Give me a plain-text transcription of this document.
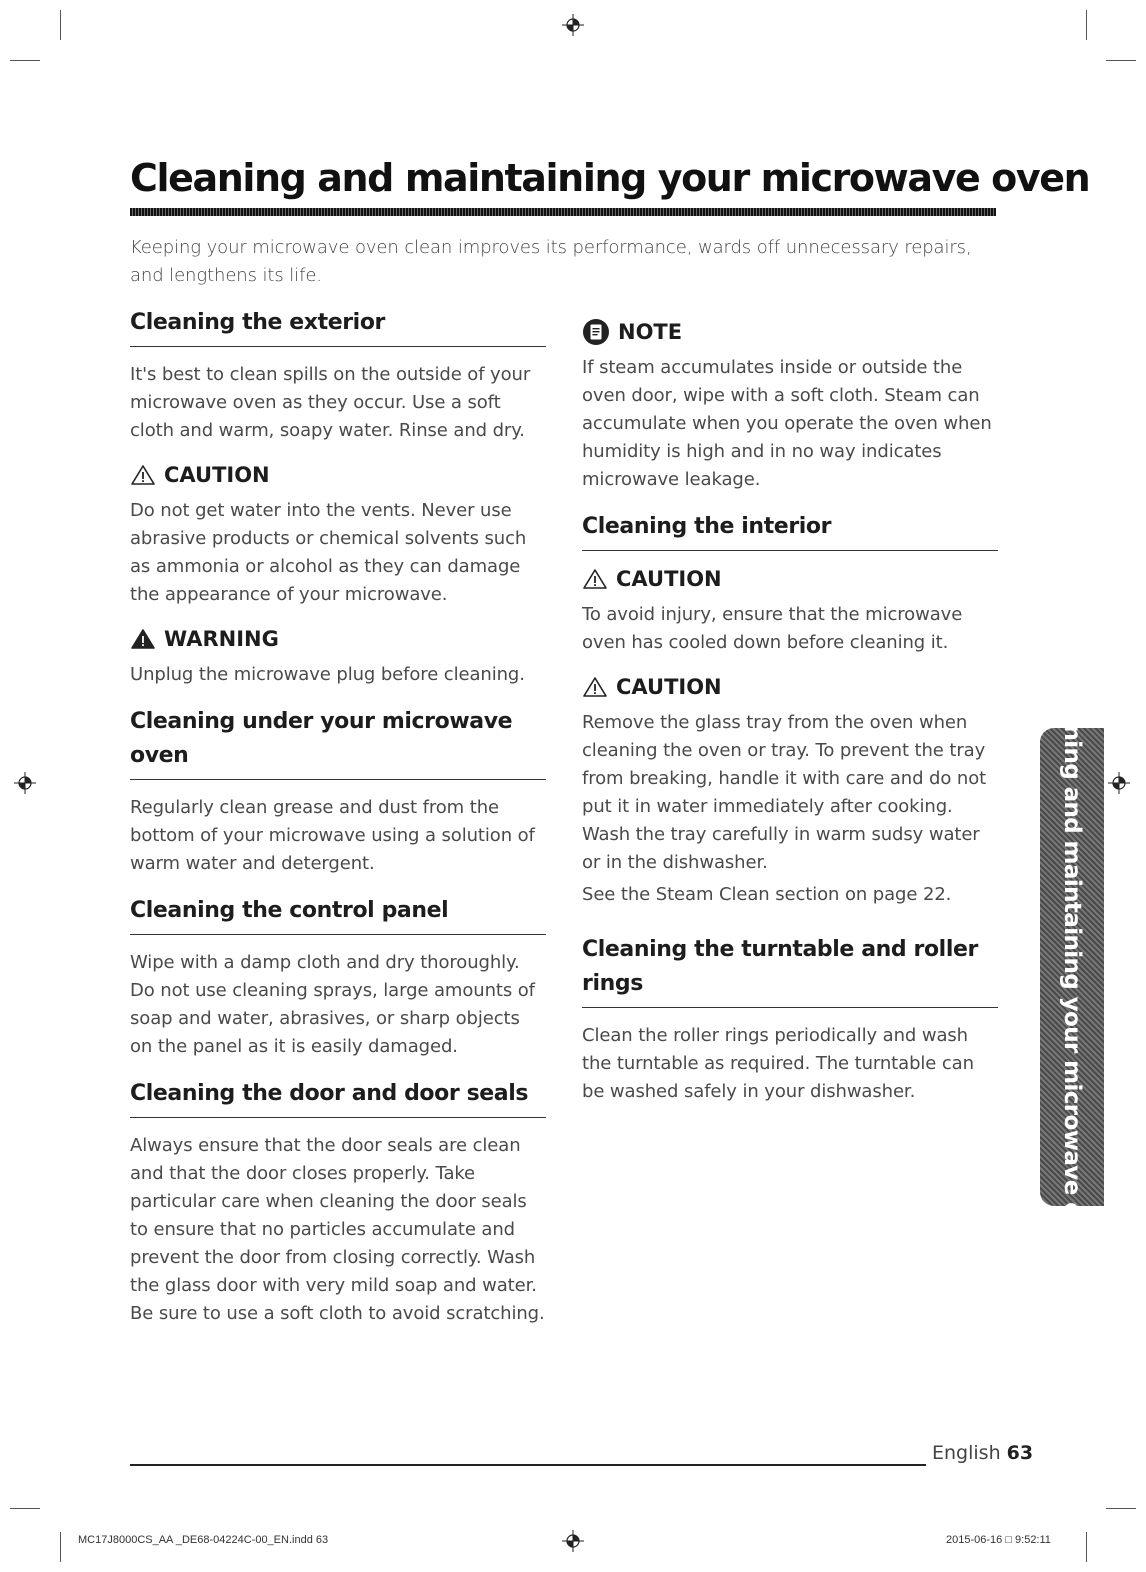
Cleaning and maintaining your microwave oven

Keeping your microwave oven clean improves its performance, wards off unnecessary repairs, and lengthens its life.

Cleaning the exterior

It's best to clean spills on the outside of your microwave oven as they occur. Use a soft cloth and warm, soapy water. Rinse and dry.

CAUTION

Do not get water into the vents. Never use abrasive products or chemical solvents such as ammonia or alcohol as they can damage the appearance of your microwave.

WARNING

Unplug the microwave plug before cleaning.

Cleaning under your microwave oven

Regularly clean grease and dust from the bottom of your microwave using a solution of warm water and detergent.

Cleaning the control panel

Wipe with a damp cloth and dry thoroughly. Do not use cleaning sprays, large amounts of soap and water, abrasives, or sharp objects on the panel as it is easily damaged.

Cleaning the door and door seals

Always ensure that the door seals are clean and that the door closes properly. Take particular care when cleaning the door seals to ensure that no particles accumulate and prevent the door from closing correctly. Wash the glass door with very mild soap and water. Be sure to use a soft cloth to avoid scratching.

NOTE

If steam accumulates inside or outside the oven door, wipe with a soft cloth. Steam can accumulate when you operate the oven when humidity is high and in no way indicates microwave leakage.

Cleaning the interior
CAUTION

To avoid injury, ensure that the microwave oven has cooled down before cleaning it.

CAUTION

Remove the glass tray from the oven when cleaning the oven or tray. To prevent the tray from breaking, handle it with care and do not put it in water immediately after cooking. Wash the tray carefully in warm sudsy water or in the dishwasher.

See the Steam Clean section on page 22.

Cleaning the turntable and roller rings

Clean the roller rings periodically and wash the turntable as required. The turntable can be washed safely in your dishwasher.	Cleaning and maintaining your microwave oven
English 63
MC17J8000CS_AA _DE68-04224C-00_EN.indd 63	2015-06-16 □ 9:52:11
